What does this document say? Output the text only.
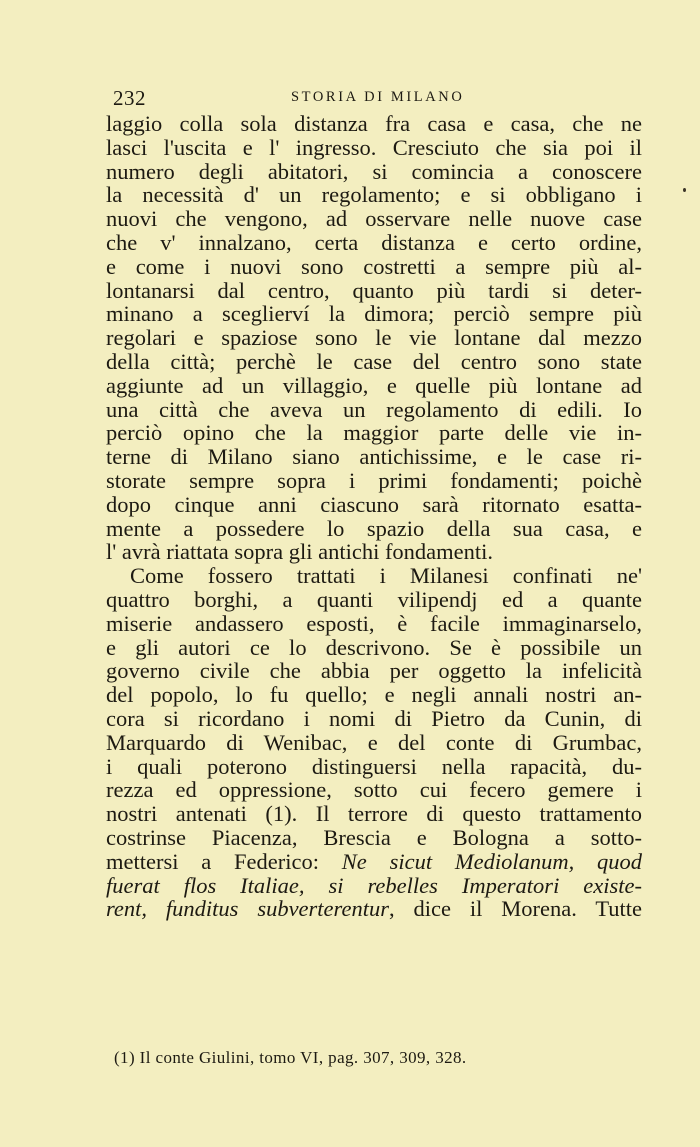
232	STORIA DI MILANO
laggio colla sola distanza fra casa e casa, che ne
lasci l'uscita e l' ingresso. Cresciuto che sia poi il
numero degli abitatori, si comincia a conoscere
la necessità d' un regolamento; e si obbligano i
nuovi che vengono, ad osservare nelle nuove case
che v' innalzano, certa distanza e certo ordine,
e come i nuovi sono costretti a sempre più al-
lontanarsi dal centro, quanto più tardi si deter-
minano a sceglierví la dimora; perciò sempre più
regolari e spaziose sono le vie lontane dal mezzo
della città; perchè le case del centro sono state
aggiunte ad un villaggio, e quelle più lontane ad
una città che aveva un regolamento di edili. Io
perciò opino che la maggior parte delle vie in-
terne di Milano siano antichissime, e le case ri-
storate sempre sopra i primi fondamenti; poichè
dopo cinque anni ciascuno sarà ritornato esatta-
mente a possedere lo spazio della sua casa, e
l' avrà riattata sopra gli antichi fondamenti.
Come fossero trattati i Milanesi confinati ne'
quattro borghi, a quanti vilipendj ed a quante
miserie andassero esposti, è facile immaginarselo,
e gli autori ce lo descrivono. Se è possibile un
governo civile che abbia per oggetto la infelicità
del popolo, lo fu quello; e negli annali nostri an-
cora si ricordano i nomi di Pietro da Cunin, di
Marquardo di Wenibac, e del conte di Grumbac,
i quali poterono distinguersi nella rapacità, du-
rezza ed oppressione, sotto cui fecero gemere i
nostri antenati (1). Il terrore di questo trattamento
costrinse Piacenza, Brescia e Bologna a sotto-
mettersi a Federico: Ne sicut Mediolanum, quod
fuerat flos Italiae, si rebelles Imperatori existe-
rent, funditus subverterentur, dice il Morena. Tutte
(1) Il conte Giulini, tomo VI, pag. 307, 309, 328.
